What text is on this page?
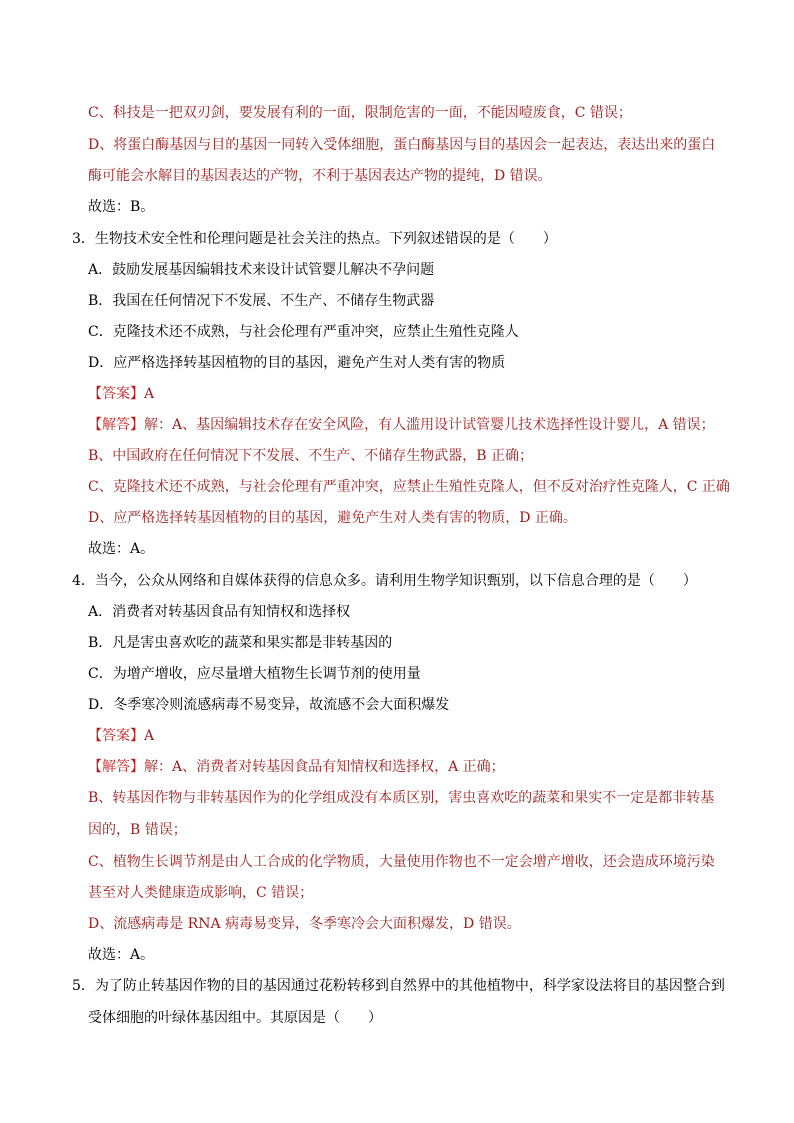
C、科技是一把双刃剑，要发展有利的一面，限制危害的一面，不能因噎废食，C 错误；
D、将蛋白酶基因与目的基因一同转入受体细胞，蛋白酶基因与目的基因会一起表达，表达出来的蛋白
酶可能会水解目的基因表达的产物，不利于基因表达产物的提纯，D 错误。
故选：B。
3．生物技术安全性和伦理问题是社会关注的热点。下列叙述错误的是（　　）
A．鼓励发展基因编辑技术来设计试管婴儿解决不孕问题
B．我国在任何情况下不发展、不生产、不储存生物武器
C．克隆技术还不成熟，与社会伦理有严重冲突，应禁止生殖性克隆人
D．应严格选择转基因植物的目的基因，避免产生对人类有害的物质
【答案】A
【解答】解：A、基因编辑技术存在安全风险，有人滥用设计试管婴儿技术选择性设计婴儿，A 错误；
B、中国政府在任何情况下不发展、不生产、不储存生物武器，B 正确；
C、克隆技术还不成熟，与社会伦理有严重冲突，应禁止生殖性克隆人，但不反对治疗性克隆人，C 正确
D、应严格选择转基因植物的目的基因，避免产生对人类有害的物质，D 正确。
故选：A。
4．当今，公众从网络和自媒体获得的信息众多。请利用生物学知识甄别，以下信息合理的是（　　）
A．消费者对转基因食品有知情权和选择权
B．凡是害虫喜欢吃的蔬菜和果实都是非转基因的
C．为增产增收，应尽量增大植物生长调节剂的使用量
D．冬季寒冷则流感病毒不易变异，故流感不会大面积爆发
【答案】A
【解答】解：A、消费者对转基因食品有知情权和选择权，A 正确；
B、转基因作物与非转基因作为的化学组成没有本质区别，害虫喜欢吃的蔬菜和果实不一定是都非转基
因的，B 错误；
C、植物生长调节剂是由人工合成的化学物质，大量使用作物也不一定会增产增收，还会造成环境污染
甚至对人类健康造成影响，C 错误；
D、流感病毒是 RNA 病毒易变异，冬季寒冷会大面积爆发，D 错误。
故选：A。
5．为了防止转基因作物的目的基因通过花粉转移到自然界中的其他植物中，科学家设法将目的基因整合到
受体细胞的叶绿体基因组中。其原因是（　　）
